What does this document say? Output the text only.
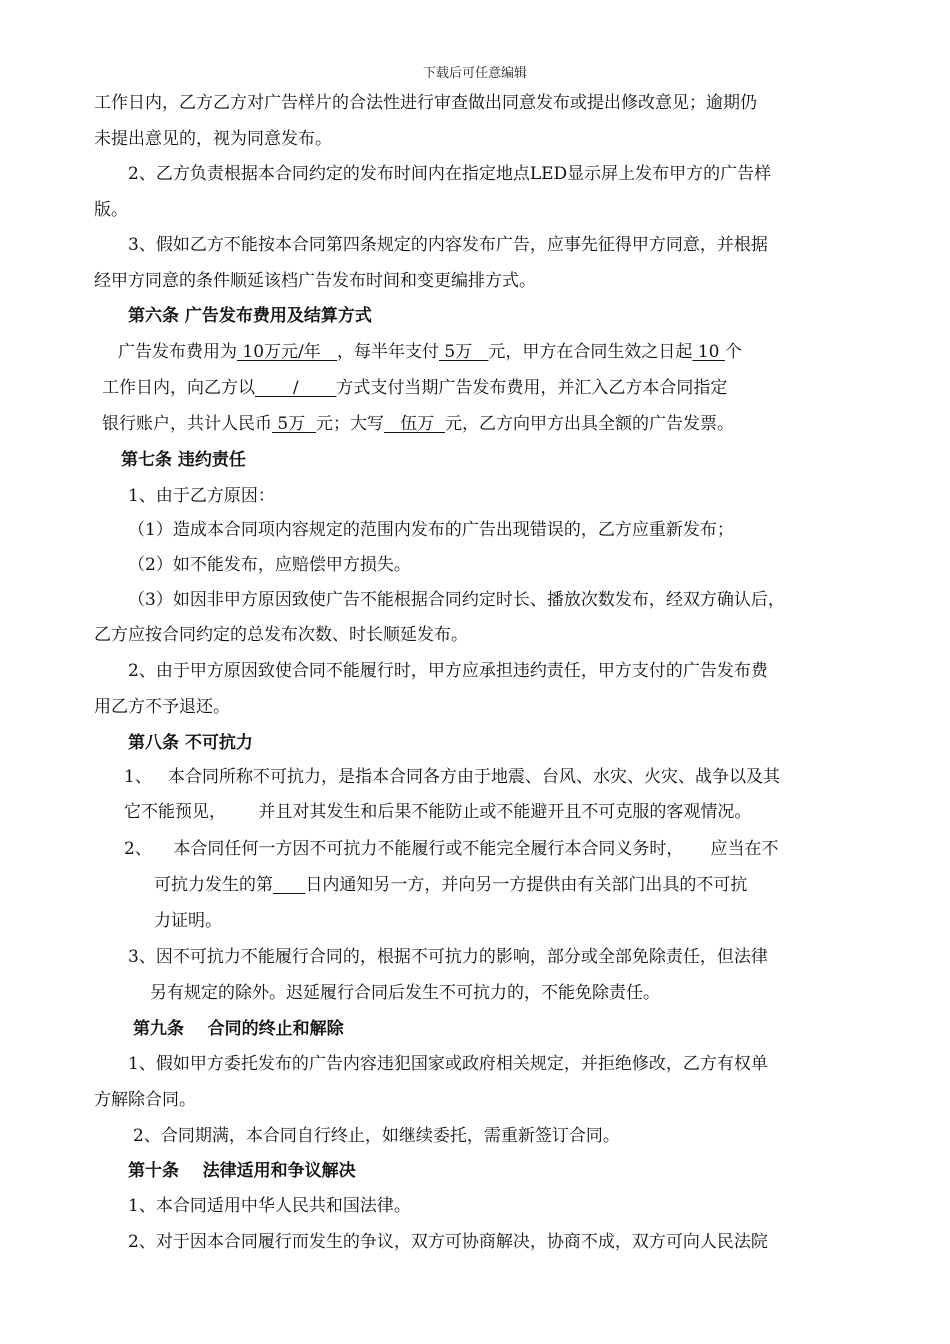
下载后可任意编辑
工作日内，乙方乙方对广告样片的合法性进行审查做出同意发布或提出修改意见；逾期仍
未提出意见的，视为同意发布。
2、乙方负责根据本合同约定的发布时间内在指定地点LED显示屏上发布甲方的广告样
版。
3、假如乙方不能按本合同第四条规定的内容发布广告，应事先征得甲方同意，并根据
经甲方同意的条件顺延该档广告发布时间和变更编排方式。
第六条 广告发布费用及结算方式
广告发布费用为 10万元/年   ，每半年支付 5万   元，甲方在合同生效之日起 10 个
工作日内，向乙方以       /       方式支付当期广告发布费用，并汇入乙方本合同指定
银行账户，共计人民币 5万  元；大写   伍万  元，乙方向甲方出具全额的广告发票。
第七条 违约责任
1、由于乙方原因：
（1）造成本合同项内容规定的范围内发布的广告出现错误的，乙方应重新发布；
（2）如不能发布，应赔偿甲方损失。
（3）如因非甲方原因致使广告不能根据合同约定时长、播放次数发布，经双方确认后，
乙方应按合同约定的总发布次数、时长顺延发布。
2、由于甲方原因致使合同不能履行时，甲方应承担违约责任，甲方支付的广告发布费
用乙方不予退还。
第八条 不可抗力
1、   本合同所称不可抗力，是指本合同各方由于地震、台风、水灾、火灾、战争以及其
它不能预见，      并且对其发生和后果不能防止或不能避开且不可克服的客观情况。
2、    本合同任何一方因不可抗力不能履行或不能完全履行本合同义务时，     应当在不
可抗力发生的第 日内通知另一方，并向另一方提供由有关部门出具的不可抗
力证明。
3、因不可抗力不能履行合同的，根据不可抗力的影响，部分或全部免除责任，但法律
另有规定的除外。迟延履行合同后发生不可抗力的，不能免除责任。
第九条    合同的终止和解除
1、假如甲方委托发布的广告内容违犯国家或政府相关规定，并拒绝修改，乙方有权单
方解除合同。
2、合同期满，本合同自行终止，如继续委托，需重新签订合同。
第十条    法律适用和争议解决
1、本合同适用中华人民共和国法律。
2、对于因本合同履行而发生的争议，双方可协商解决，协商不成，双方可向人民法院
